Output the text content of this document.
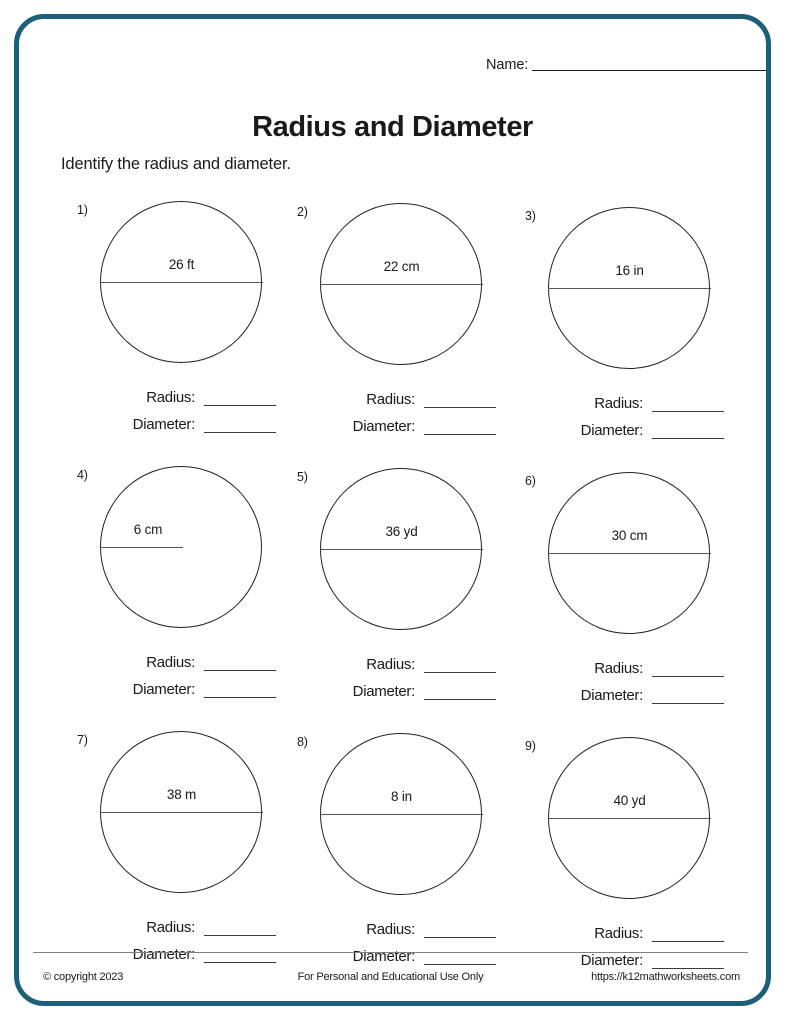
Name:
Radius and Diameter
Identify the radius and diameter.
1)
26 ft
Radius:
Diameter:
2)
22 cm
Radius:
Diameter:
3)
16 in
Radius:
Diameter:
4)
6 cm
Radius:
Diameter:
5)
36 yd
Radius:
Diameter:
6)
30 cm
Radius:
Diameter:
7)
38 m
Radius:
Diameter:
8)
8 in
Radius:
Diameter:
9)
40 yd
Radius:
Diameter:
© copyright 2023	For Personal and Educational Use Only	https://k12mathworksheets.com
